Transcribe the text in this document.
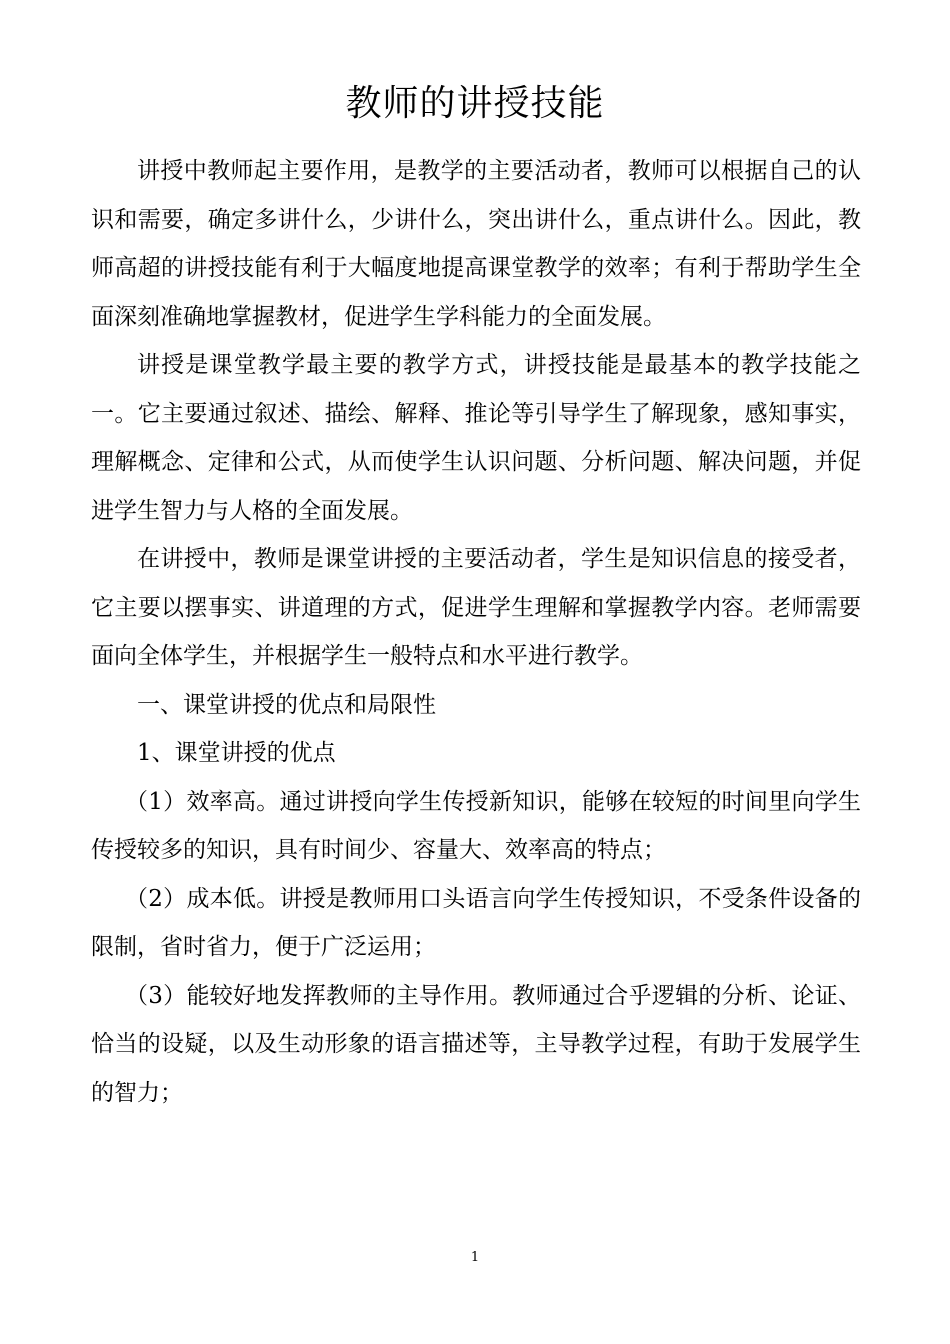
教师的讲授技能

讲授中教师起主要作用，是教学的主要活动者，教师可以根据自己的认识和需要，确定多讲什么，少讲什么，突出讲什么，重点讲什么。因此，教师高超的讲授技能有利于大幅度地提高课堂教学的效率；有利于帮助学生全面深刻准确地掌握教材，促进学生学科能力的全面发展。

讲授是课堂教学最主要的教学方式，讲授技能是最基本的教学技能之一。它主要通过叙述、描绘、解释、推论等引导学生了解现象，感知事实，理解概念、定律和公式，从而使学生认识问题、分析问题、解决问题，并促进学生智力与人格的全面发展。

在讲授中，教师是课堂讲授的主要活动者，学生是知识信息的接受者，它主要以摆事实、讲道理的方式，促进学生理解和掌握教学内容。老师需要面向全体学生，并根据学生一般特点和水平进行教学。

一、课堂讲授的优点和局限性

1、课堂讲授的优点

（1）效率高。通过讲授向学生传授新知识，能够在较短的时间里向学生传授较多的知识，具有时间少、容量大、效率高的特点；

（2）成本低。讲授是教师用口头语言向学生传授知识，不受条件设备的限制，省时省力，便于广泛运用；

（3）能较好地发挥教师的主导作用。教师通过合乎逻辑的分析、论证、恰当的设疑，以及生动形象的语言描述等，主导教学过程，有助于发展学生的智力；

1
